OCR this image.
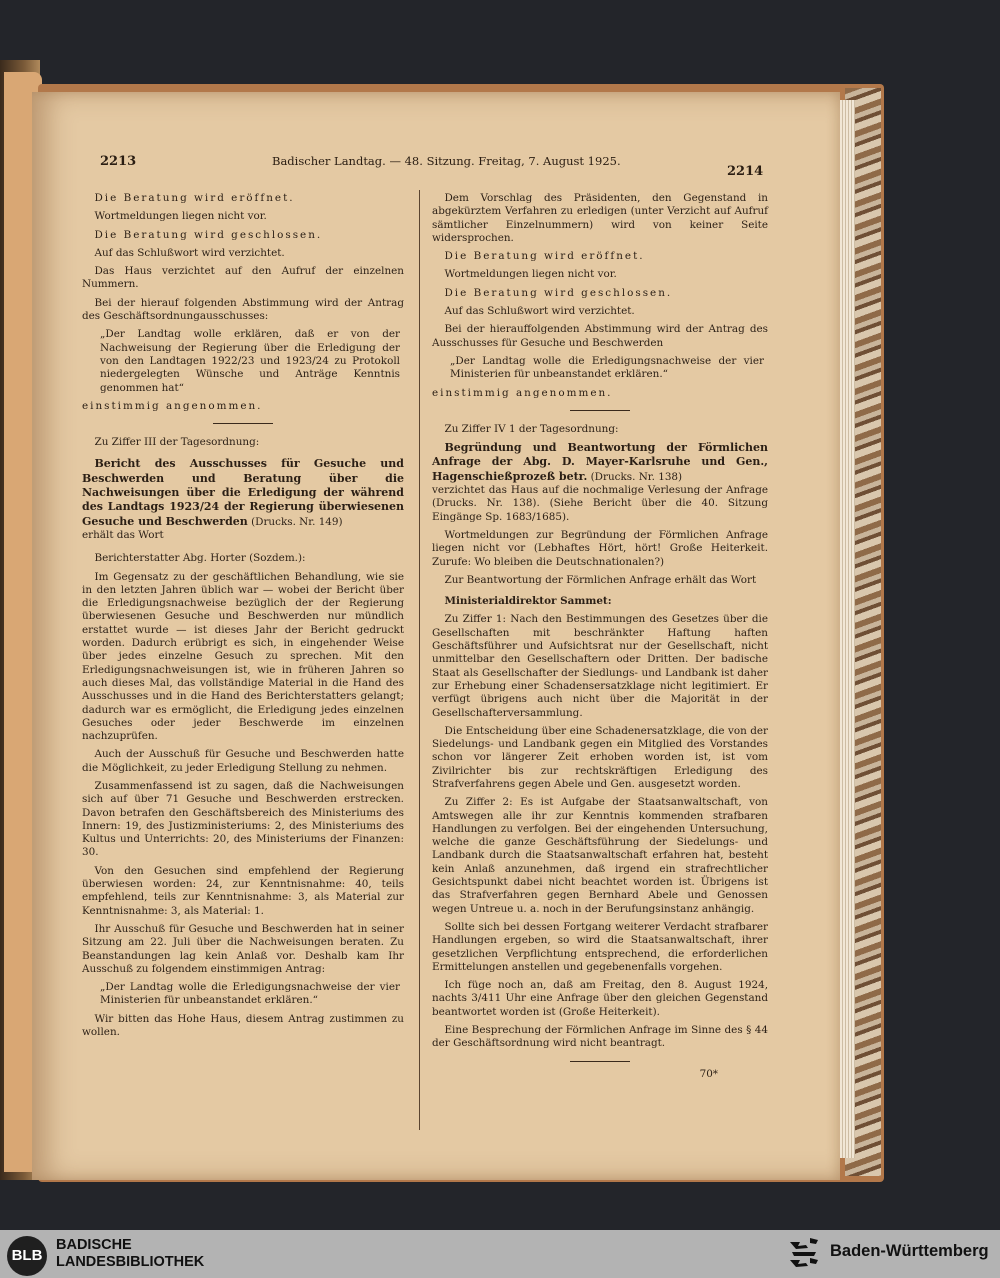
2213	Badischer Landtag. — 48. Sitzung. Freitag, 7. August 1925.
2214

Die Beratung wird eröffnet.

Wortmeldungen liegen nicht vor.

Die Beratung wird geschlossen.

Auf das Schlußwort wird verzichtet.

Das Haus verzichtet auf den Aufruf der einzelnen Nummern.

Bei der hierauf folgenden Abstimmung wird der Antrag des Geschäftsordnungausschusses:

„Der Landtag wolle erklären, daß er von der Nachweisung der Regierung über die Erledigung der von den Landtagen 1922/23 und 1923/24 zu Protokoll niedergelegten Wünsche und Anträge Kenntnis genommen hat“

einstimmig angenommen.

Zu Ziffer III der Tagesordnung:

Bericht des Ausschusses für Gesuche und Beschwerden und Beratung über die Nachweisungen über die Erledigung der während des Landtags 1923/24 der Regierung überwiesenen Gesuche und Beschwerden (Drucks. Nr. 149)

erhält das Wort

Berichterstatter Abg. Horter (Sozdem.):

Im Gegensatz zu der geschäftlichen Behandlung, wie sie in den letzten Jahren üblich war — wobei der Bericht über die Erledigungsnachweise bezüglich der der Regierung überwiesenen Gesuche und Beschwerden nur mündlich erstattet wurde — ist dieses Jahr der Bericht gedruckt worden. Dadurch erübrigt es sich, in eingehender Weise über jedes einzelne Gesuch zu sprechen. Mit den Erledigungsnachweisungen ist, wie in früheren Jahren so auch dieses Mal, das vollständige Material in die Hand des Ausschusses und in die Hand des Berichterstatters gelangt; dadurch war es ermöglicht, die Erledigung jedes einzelnen Gesuches oder jeder Beschwerde im einzelnen nachzuprüfen.

Auch der Ausschuß für Gesuche und Beschwerden hatte die Möglichkeit, zu jeder Erledigung Stellung zu nehmen.

Zusammenfassend ist zu sagen, daß die Nachweisungen sich auf über 71 Gesuche und Beschwerden erstrecken. Davon betrafen den Geschäftsbereich des Ministeriums des Innern: 19, des Justizministeriums: 2, des Ministeriums des Kultus und Unterrichts: 20, des Ministeriums der Finanzen: 30.

Von den Gesuchen sind empfehlend der Regierung überwiesen worden: 24, zur Kenntnisnahme: 40, teils empfehlend, teils zur Kenntnisnahme: 3, als Material zur Kenntnisnahme: 3, als Material: 1.

Ihr Ausschuß für Gesuche und Beschwerden hat in seiner Sitzung am 22. Juli über die Nachweisungen beraten. Zu Beanstandungen lag kein Anlaß vor. Deshalb kam Ihr Ausschuß zu folgendem einstimmigen Antrag:

„Der Landtag wolle die Erledigungsnachweise der vier Ministerien für unbeanstandet erklären.“

Wir bitten das Hohe Haus, diesem Antrag zustimmen zu wollen.

Dem Vorschlag des Präsidenten, den Gegenstand in abgekürztem Verfahren zu erledigen (unter Verzicht auf Aufruf sämtlicher Einzelnummern) wird von keiner Seite widersprochen.

Die Beratung wird eröffnet.

Wortmeldungen liegen nicht vor.

Die Beratung wird geschlossen.

Auf das Schlußwort wird verzichtet.

Bei der hierauffolgenden Abstimmung wird der Antrag des Ausschusses für Gesuche und Beschwerden

„Der Landtag wolle die Erledigungsnachweise der vier Ministerien für unbeanstandet erklären.“

einstimmig angenommen.

Zu Ziffer IV 1 der Tagesordnung:

Begründung und Beantwortung der Förmlichen Anfrage der Abg. D. Mayer-Karlsruhe und Gen., Hagenschießprozeß betr. (Drucks. Nr. 138)

verzichtet das Haus auf die nochmalige Verlesung der Anfrage (Drucks. Nr. 138). (Siehe Bericht über die 40. Sitzung Eingänge Sp. 1683/1685).

Wortmeldungen zur Begründung der Förmlichen Anfrage liegen nicht vor (Lebhaftes Hört, hört! Große Heiterkeit. Zurufe: Wo bleiben die Deutschnationalen?)

Zur Beantwortung der Förmlichen Anfrage erhält das Wort

Ministerialdirektor Sammet:

Zu Ziffer 1: Nach den Bestimmungen des Gesetzes über die Gesellschaften mit beschränkter Haftung haften Geschäftsführer und Aufsichtsrat nur der Gesellschaft, nicht unmittelbar den Gesellschaftern oder Dritten. Der badische Staat als Gesellschafter der Siedlungs- und Landbank ist daher zur Erhebung einer Schadensersatzklage nicht legitimiert. Er verfügt übrigens auch nicht über die Majorität in der Gesellschafterversammlung.

Die Entscheidung über eine Schadenersatzklage, die von der Siedelungs- und Landbank gegen ein Mitglied des Vorstandes schon vor längerer Zeit erhoben worden ist, ist vom Zivilrichter bis zur rechtskräftigen Erledigung des Strafverfahrens gegen Abele und Gen. ausgesetzt worden.

Zu Ziffer 2: Es ist Aufgabe der Staatsanwaltschaft, von Amtswegen alle ihr zur Kenntnis kommenden strafbaren Handlungen zu verfolgen. Bei der eingehenden Untersuchung, welche die ganze Geschäftsführung der Siedelungs- und Landbank durch die Staatsanwaltschaft erfahren hat, besteht kein Anlaß anzunehmen, daß irgend ein strafrechtlicher Gesichtspunkt dabei nicht beachtet worden ist. Übrigens ist das Strafverfahren gegen Bernhard Abele und Genossen wegen Untreue u. a. noch in der Berufungsinstanz anhängig.

Sollte sich bei dessen Fortgang weiterer Verdacht strafbarer Handlungen ergeben, so wird die Staatsanwaltschaft, ihrer gesetzlichen Verpflichtung entsprechend, die erforderlichen Ermittelungen anstellen und gegebenenfalls vorgehen.

Ich füge noch an, daß am Freitag, den 8. August 1924, nachts 3/411 Uhr eine Anfrage über den gleichen Gegenstand beantwortet worden ist (Große Heiterkeit).

Eine Besprechung der Förmlichen Anfrage im Sinne des § 44 der Geschäftsordnung wird nicht beantragt.

70*

BLB
BADISCHE
LANDESBIBLIOTHEK
Baden-Württemberg
